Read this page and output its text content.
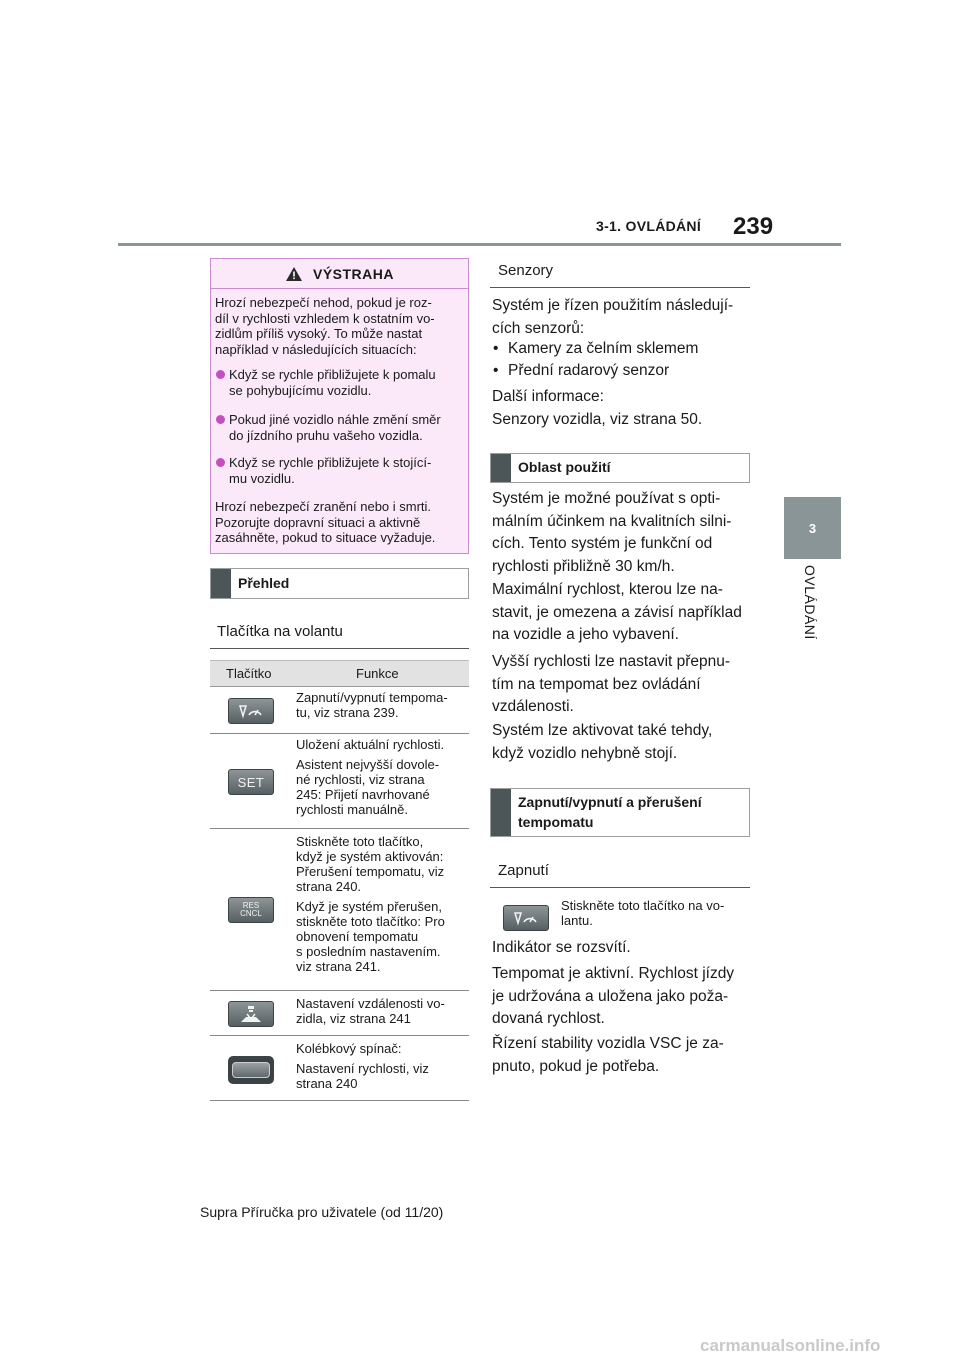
3-1. OVLÁDÁNÍ 239
3
OVLÁDÁNÍ
VÝSTRAHA
Hrozí nebezpečí nehod, pokud je roz-
díl v rychlosti vzhledem k ostatním vo-
zidlům příliš vysoký. To může nastat
například v následujících situacích:
Když se rychle přibližujete k pomalu
se pohybujícímu vozidlu.
Pokud jiné vozidlo náhle změní směr
do jízdního pruhu vašeho vozidla.
Když se rychle přibližujete k stojící-
mu vozidlu.
Hrozí nebezpečí zranění nebo i smrti.
Pozorujte dopravní situaci a aktivně
zasáhněte, pokud to situace vyžaduje.
Přehled
Tlačítka na volantu
Tlačítko	Funkce
Zapnutí/vypnutí tempoma-
tu, viz strana 239.
SET
Uložení aktuální rychlosti.
Asistent nejvyšší dovole-
né rychlosti, viz strana
245: Přijetí navrhované
rychlosti manuálně.
RES
CNCL
Stiskněte toto tlačítko,
když je systém aktivován:
Přerušení tempomatu, viz
strana 240.
Když je systém přerušen,
stiskněte toto tlačítko: Pro
obnovení tempomatu
s posledním nastavením.
viz strana 241.
Nastavení vzdálenosti vo-
zidla, viz strana 241
Kolébkový spínač:
Nastavení rychlosti, viz
strana 240
Senzory
Systém je řízen použitím následují-
cích senzorů:
• Kamery za čelním sklemem
• Přední radarový senzor
Další informace:
Senzory vozidla, viz strana 50.
Oblast použití
Systém je možné používat s opti-
málním účinkem na kvalitních silni-
cích. Tento systém je funkční od
rychlosti přibližně 30 km/h.
Maximální rychlost, kterou lze na-
stavit, je omezena a závisí například
na vozidle a jeho vybavení.
Vyšší rychlosti lze nastavit přepnu-
tím na tempomat bez ovládání
vzdálenosti.
Systém lze aktivovat také tehdy,
když vozidlo nehybně stojí.
Zapnutí/vypnutí a přerušení
tempomatu
Zapnutí
Stiskněte toto tlačítko na vo-
lantu.
Indikátor se rozsvítí.
Tempomat je aktivní. Rychlost jízdy
je udržována a uložena jako poža-
dovaná rychlost.
Řízení stability vozidla VSC je za-
pnuto, pokud je potřeba.
Supra Příručka pro uživatele (od 11/20)
carmanualsonline.info
